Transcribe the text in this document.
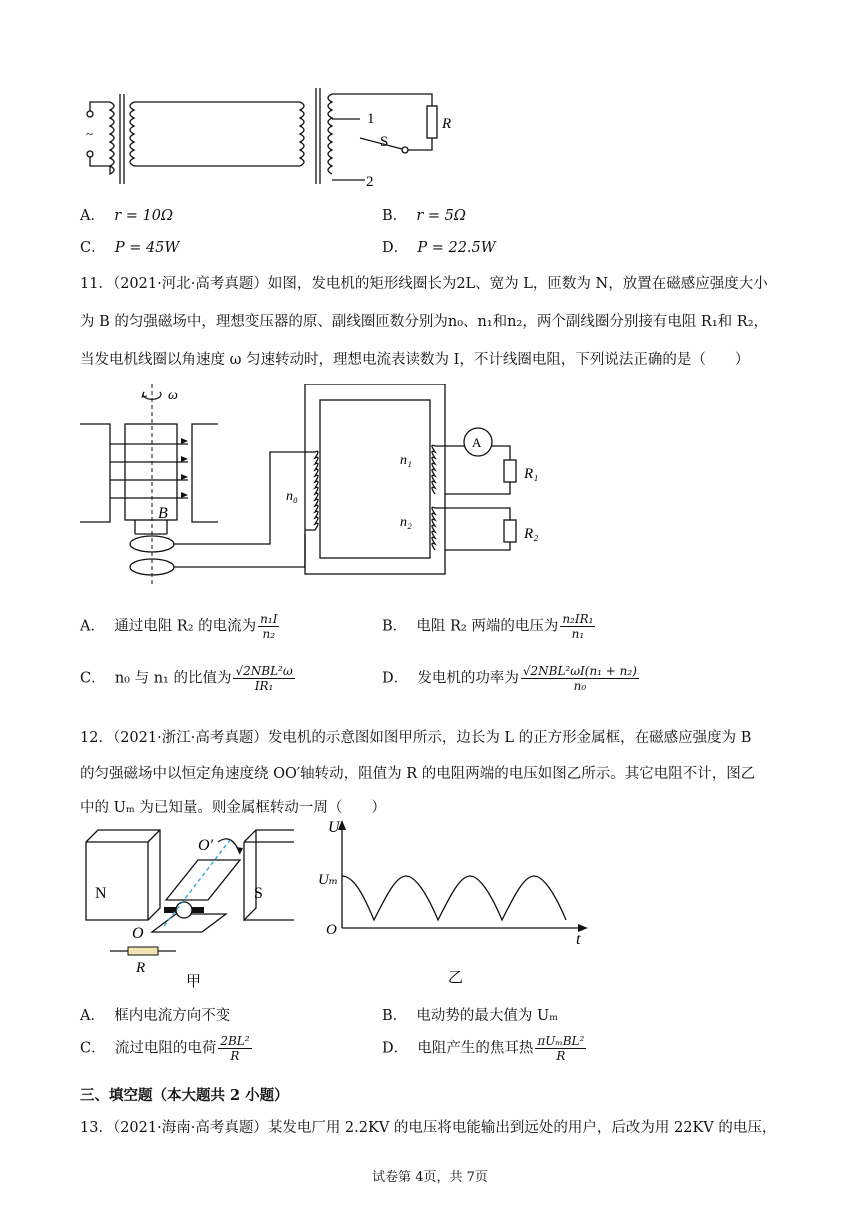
~
1
2
S
R
A． r = 10Ω	B． r = 5Ω
C． P = 45W	D． P = 22.5W
11．（2021·河北·高考真题）如图，发电机的矩形线圈长为2L、宽为 L，匝数为 N，放置在磁感应强度大小
为 B 的匀强磁场中，理想变压器的原、副线圈匝数分别为n₀、n₁和n₂，两个副线圈分别接有电阻 R₁和 R₂，
当发电机线圈以角速度 ω 匀速转动时，理想电流表读数为 I，不计线圈电阻，下列说法正确的是（　　）
ω
B
n₀
n₁
n₂
A
R₁
R₂
A． 通过电阻 R₂ 的电流为 $\frac{\text{n₁I}}{\text{n₂}}$	B． 电阻 R₂ 两端的电压为 $\frac{\text{n₂IR₁}}{\text{n₁}}$
C． n₀ 与 n₁ 的比值为 $\frac{\text{√2NBL²ω}}{\text{IR₁}}$	D． 发电机的功率为 $\frac{\text{√2NBL²ωI(n₁ + n₂)}}{\text{n₀}}$
12．（2021·浙江·高考真题）发电机的示意图如图甲所示，边长为 L 的正方形金属框，在磁感应强度为 B
的匀强磁场中以恒定角速度绕 OO′轴转动，阻值为 R 的电阻两端的电压如图乙所示。其它电阻不计，图乙
中的 Uₘ 为已知量。则金属框转动一周（　　）
N	S
O′
O
R
甲
U
Uₘ
O
t
乙
A． 框内电流方向不变	B． 电动势的最大值为 Uₘ
C． 流过电阻的电荷 $\frac{\text{2BL²}}{R}$	D． 电阻产生的焦耳热 $\frac{\text{πUₘBL²}}{R}$
三、填空题（本大题共 2 小题）
13．（2021·海南·高考真题）某发电厂用 2.2KV 的电压将电能输出到远处的用户，后改为用 22KV 的电压，
试卷第 4页，共 7页
